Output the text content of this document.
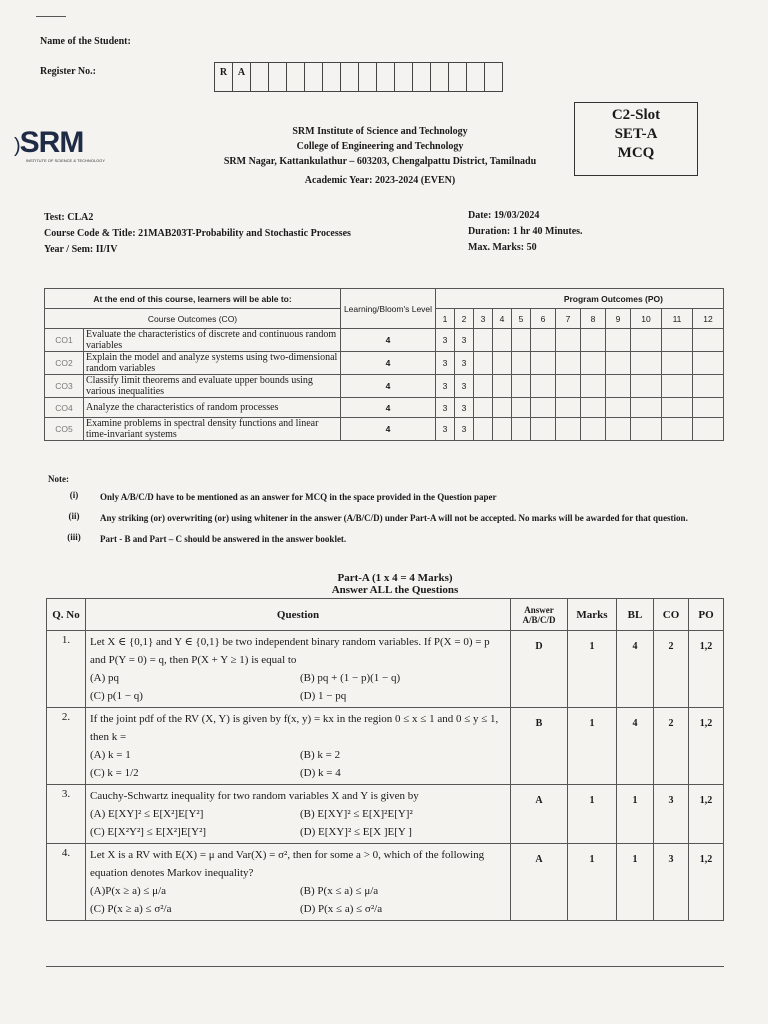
Name of the Student:
Register No.:	R	A
C2-Slot
SET-A
MCQ
)SRM
INSTITUTE OF SCIENCE & TECHNOLOGY
SRM Institute of Science and Technology
College of Engineering and Technology
SRM Nagar, Kattankulathur – 603203, Chengalpattu District, Tamilnadu
Academic Year: 2023-2024 (EVEN)
Test: CLA2
Course Code & Title: 21MAB203T-Probability and Stochastic Processes
Year / Sem: II/IV
Date: 19/03/2024
Duration: 1 hr 40 Minutes.
Max. Marks: 50
At the end of this course, learners will be able to:		Learning/Bloom's Level	Program Outcomes (PO)											
Course Outcomes (CO)			1	2	3	4	5	6	7	8	9	10	11	12
CO1	Evaluate the characteristics of discrete and continuous random variables	4	3	3										
CO2	Explain the model and analyze systems using two-dimensional random variables	4	3	3										
CO3	Classify limit theorems and evaluate upper bounds using various inequalities	4	3	3										
CO4	Analyze the characteristics of random processes	4	3	3										
CO5	Examine problems in spectral density functions and linear time-invariant systems	4	3	3										
Note:
(i)	Only A/B/C/D have to be mentioned as an answer for MCQ in the space provided in the Question paper
(ii)	Any striking (or) overwriting (or) using whitener in the answer (A/B/C/D) under Part-A will not be accepted. No marks will be awarded for that question.
(iii)	Part - B and Part – C should be answered in the answer booklet.
Part-A (1 x 4 = 4 Marks)
Answer ALL the Questions
Q. No	Question	Answer A/B/C/D	Marks	BL	CO	PO
1.	Let X ∈ {0,1} and Y ∈ {0,1} be two independent binary random variables. If P(X = 0) = p and P(Y = 0) = q, then P(X + Y ≥ 1) is equal to
(A) pq (B) pq + (1 − p)(1 − q)
(C) p(1 − q) (D) 1 − pq	D	1	4	2	1,2
2.	If the joint pdf of the RV (X, Y) is given by f(x, y) = kx in the region 0 ≤ x ≤ 1 and 0 ≤ y ≤ 1, then k =
(A) k = 1 (B) k = 2
(C) k = 1/2 (D) k = 4	B	1	4	2	1,2
3.	Cauchy-Schwartz inequality for two random variables X and Y is given by
(A) E[XY]² ≤ E[X²]E[Y²] (B) E[XY]² ≤ E[X]²E[Y]²
(C) E[X²Y²] ≤ E[X²]E[Y²] (D) E[XY]² ≤ E[X ]E[Y ]	A	1	1	3	1,2
4.	Let X is a RV with E(X) = μ and Var(X) = σ², then for some a > 0, which of the following equation denotes Markov inequality?
(A)P(x ≥ a) ≤ μ/a (B) P(x ≤ a) ≤ μ/a
(C) P(x ≥ a) ≤ σ²/a (D) P(x ≤ a) ≤ σ²/a	A	1	1	3	1,2
